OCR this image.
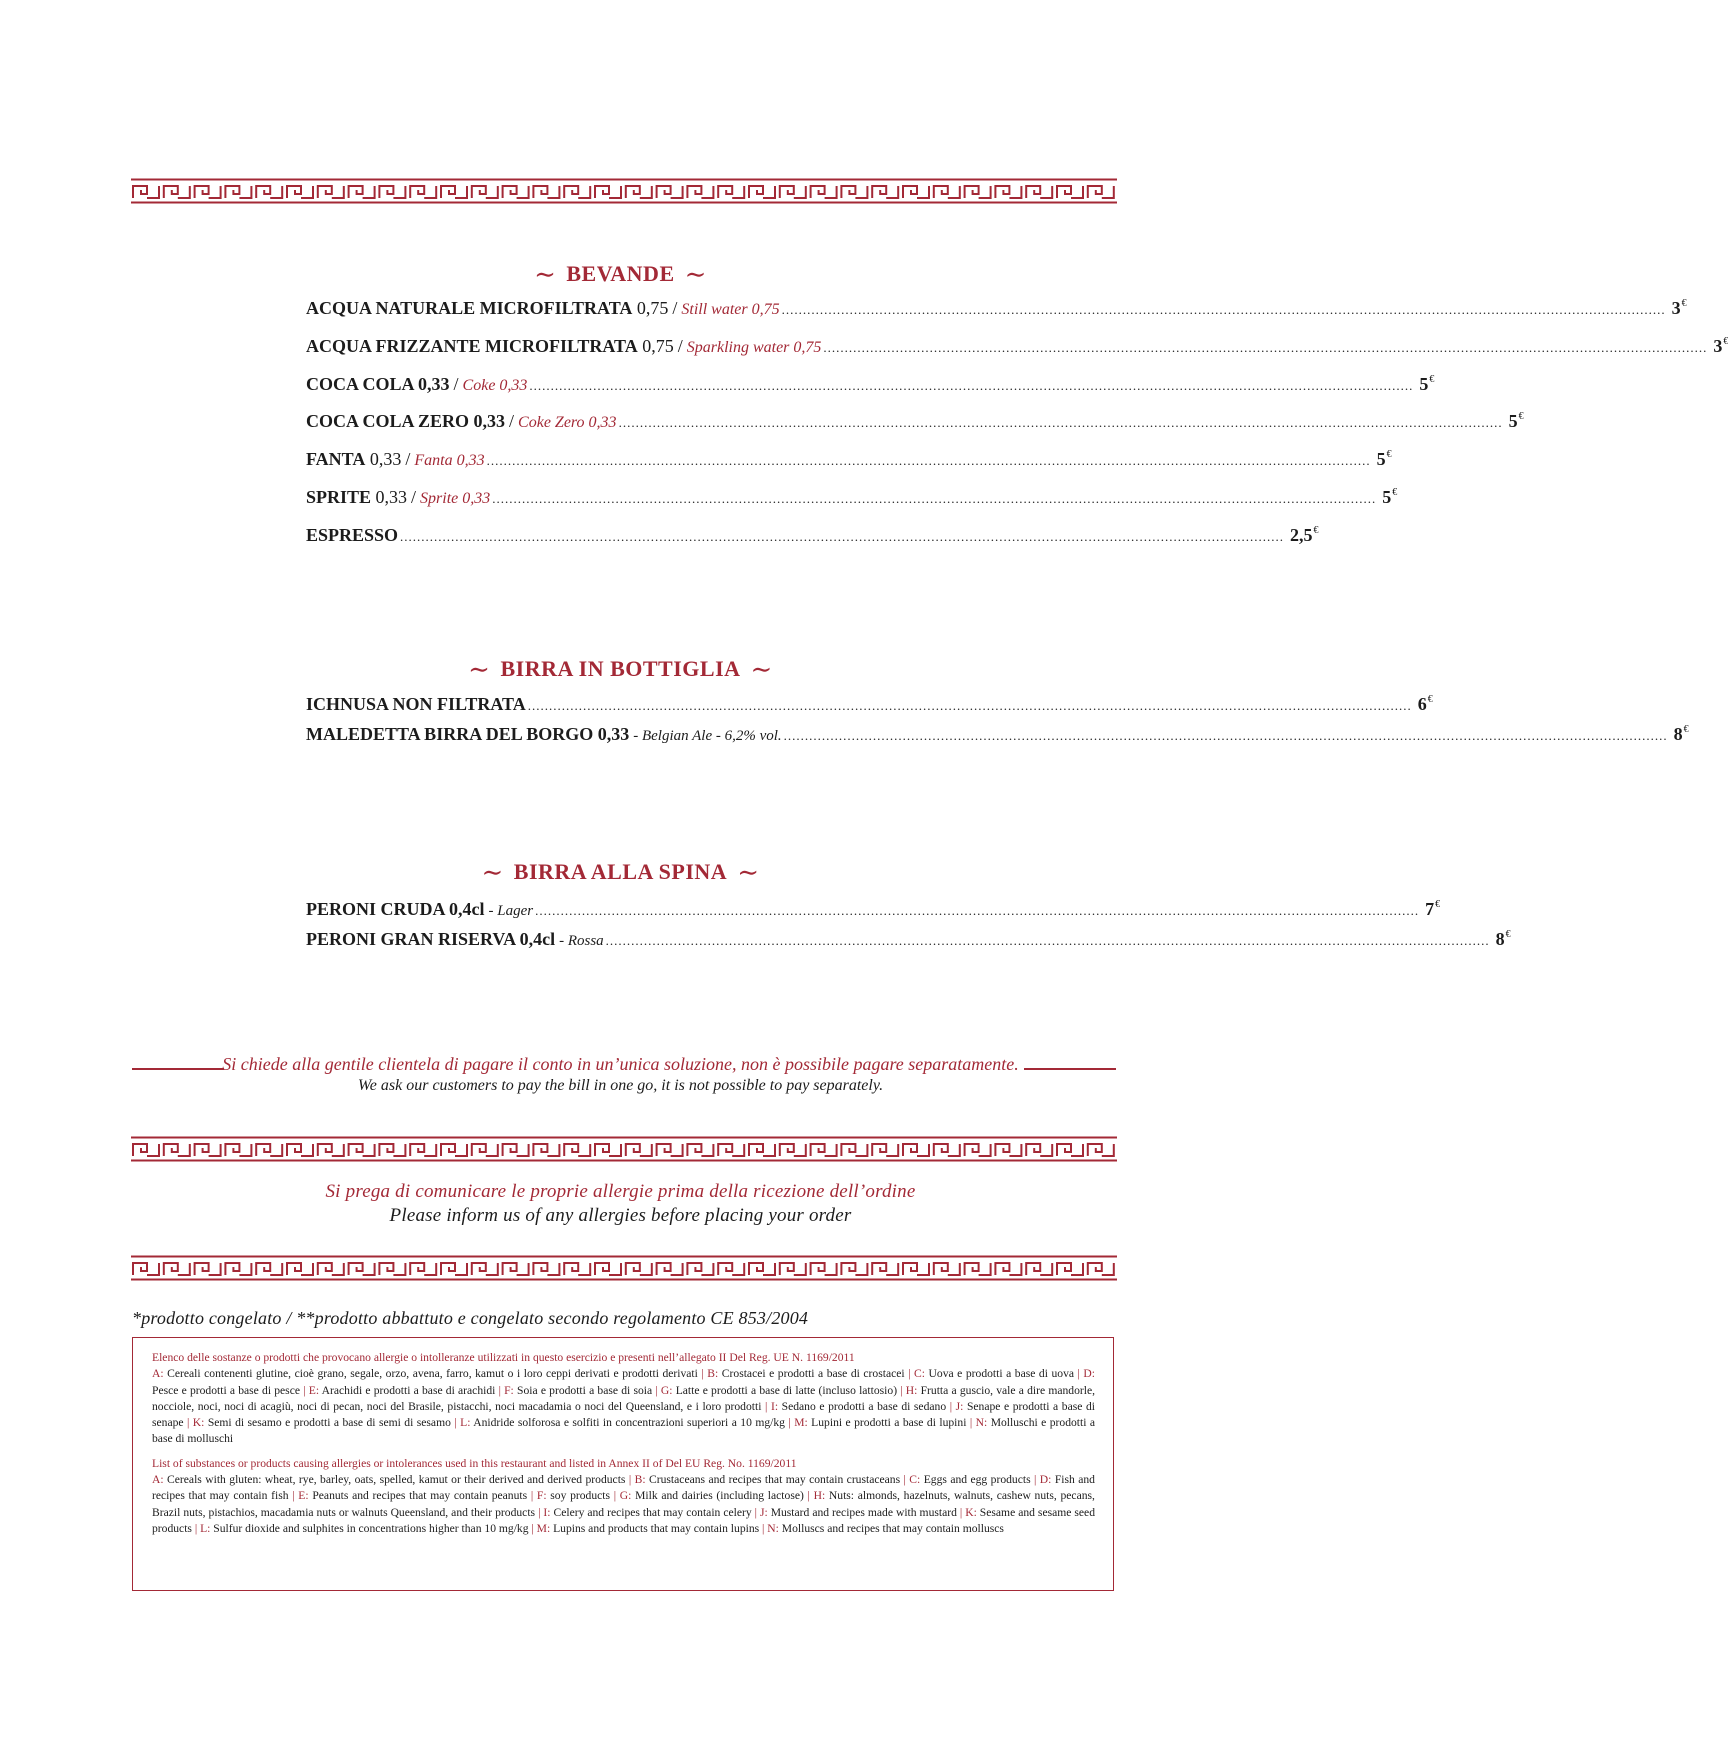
∼ BEVANDE ∼
ACQUA NATURALE MICROFILTRATA 0,75 / Still water 0,75 ................................................................................................................................................................................................................ 3€
ACQUA FRIZZANTE MICROFILTRATA 0,75 / Sparkling water 0,75 ................................................................................................................................................................................................................ 3€
COCA COLA 0,33 / Coke 0,33 ................................................................................................................................................................................................................ 5€
COCA COLA ZERO 0,33 / Coke Zero 0,33 ................................................................................................................................................................................................................ 5€
FANTA 0,33 / Fanta 0,33 ................................................................................................................................................................................................................ 5€
SPRITE 0,33 / Sprite 0,33 ................................................................................................................................................................................................................ 5€
ESPRESSO ................................................................................................................................................................................................................ 2,5€
∼ BIRRA IN BOTTIGLIA ∼
ICHNUSA NON FILTRATA ................................................................................................................................................................................................................ 6€
MALEDETTA BIRRA DEL BORGO 0,33 - Belgian Ale - 6,2% vol. ................................................................................................................................................................................................................ 8€
∼ BIRRA ALLA SPINA ∼
PERONI CRUDA 0,4cl - Lager ................................................................................................................................................................................................................ 7€
PERONI GRAN RISERVA 0,4cl - Rossa ................................................................................................................................................................................................................ 8€
Si chiede alla gentile clientela di pagare il conto in un’unica soluzione, non è possibile pagare separatamente.
We ask our customers to pay the bill in one go, it is not possible to pay separately.
Si prega di comunicare le proprie allergie prima della ricezione dell’ordine
Please inform us of any allergies before placing your order
*prodotto congelato / **prodotto abbattuto e congelato secondo regolamento CE 853/2004
Elenco delle sostanze o prodotti che provocano allergie o intolleranze utilizzati in questo esercizio e presenti nell’allegato II Del Reg. UE N. 1169/2011
A: Cereali contenenti glutine, cioè grano, segale, orzo, avena, farro, kamut o i loro ceppi derivati e prodotti derivati | B: Crostacei e prodotti a base di crostacei | C: Uova e prodotti a base di uova | D: Pesce e prodotti a base di pesce | E: Arachidi e prodotti a base di arachidi | F: Soia e prodotti a base di soia | G: Latte e prodotti a base di latte (incluso lattosio) | H: Frutta a guscio, vale a dire mandorle, nocciole, noci, noci di acagiù, noci di pecan, noci del Brasile, pistacchi, noci macadamia o noci del Queensland, e i loro prodotti | I: Sedano e prodotti a base di sedano | J: Senape e prodotti a base di senape | K: Semi di sesamo e prodotti a base di semi di sesamo | L: Anidride solforosa e solfiti in concentrazioni superiori a 10 mg/kg | M: Lupini e prodotti a base di lupini | N: Molluschi e prodotti a base di molluschi
List of substances or products causing allergies or intolerances used in this restaurant and listed in Annex II of Del EU Reg. No. 1169/2011
A: Cereals with gluten: wheat, rye, barley, oats, spelled, kamut or their derived and derived products | B: Crustaceans and recipes that may contain crustaceans | C: Eggs and egg products | D: Fish and recipes that may contain fish | E: Peanuts and recipes that may contain peanuts | F: soy products | G: Milk and dairies (including lactose) | H: Nuts: almonds, hazelnuts, walnuts, cashew nuts, pecans, Brazil nuts, pistachios, macadamia nuts or walnuts Queensland, and their products | I: Celery and recipes that may contain celery | J: Mustard and recipes made with mustard | K: Sesame and sesame seed products | L: Sulfur dioxide and sulphites in concentrations higher than 10 mg/kg | M: Lupins and products that may contain lupins | N: Molluscs and recipes that may contain molluscs
